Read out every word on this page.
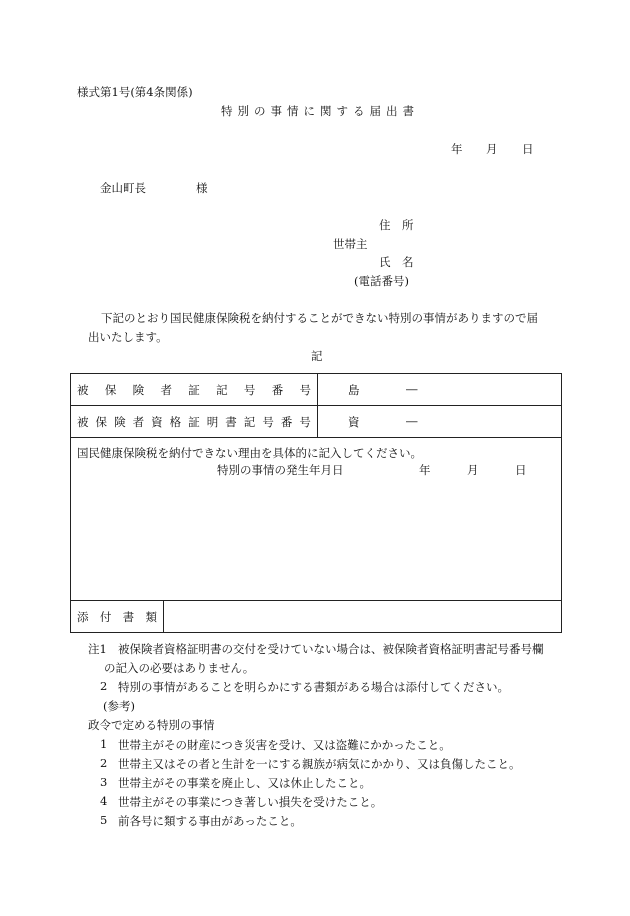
様式第1号(第4条関係)
特別の事情に関する届出書
年 月 日
金山町長	様
住　所
世帯主
氏　名
(電話番号)
下記のとおり国民健康保険税を納付することができない特別の事情がありますので届
出いたします。
記
被 保 険 者 証 記 号 番 号	島	―

被 保 険 者 資 格 証 明 書 記 号 番 号	資	―

国民健康保険税を納付できない理由を具体的に記入してください。
特別の事情の発生年月日	年	月	日

添 付 書 類

注1 被保険者資格証明書の交付を受けていない場合は、被保険者資格証明書記号番号欄
の記入の必要はありません。
2 特別の事情があることを明らかにする書類がある場合は添付してください。
(参考)
政令で定める特別の事情
1 世帯主がその財産につき災害を受け、又は盗難にかかったこと。
2 世帯主又はその者と生計を一にする親族が病気にかかり、又は負傷したこと。
3 世帯主がその事業を廃止し、又は休止したこと。
4 世帯主がその事業につき著しい損失を受けたこと。
5 前各号に類する事由があったこと。
